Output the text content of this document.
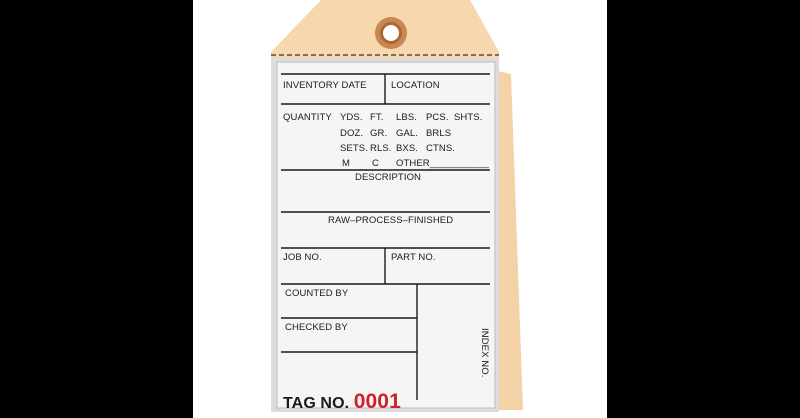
INVENTORY DATE	LOCATION
QUANTITY YDS. FT. LBS. PCS. SHTS.
DOZ. GR. GAL. BRLS
SETS. RLS. BXS. CTNS.
M C OTHER___________
DESCRIPTION
RAW–PROCESS–FINISHED
JOB NO.	PART NO.
COUNTED BY
CHECKED BY
INDEX NO.
TAG NO. 0001
